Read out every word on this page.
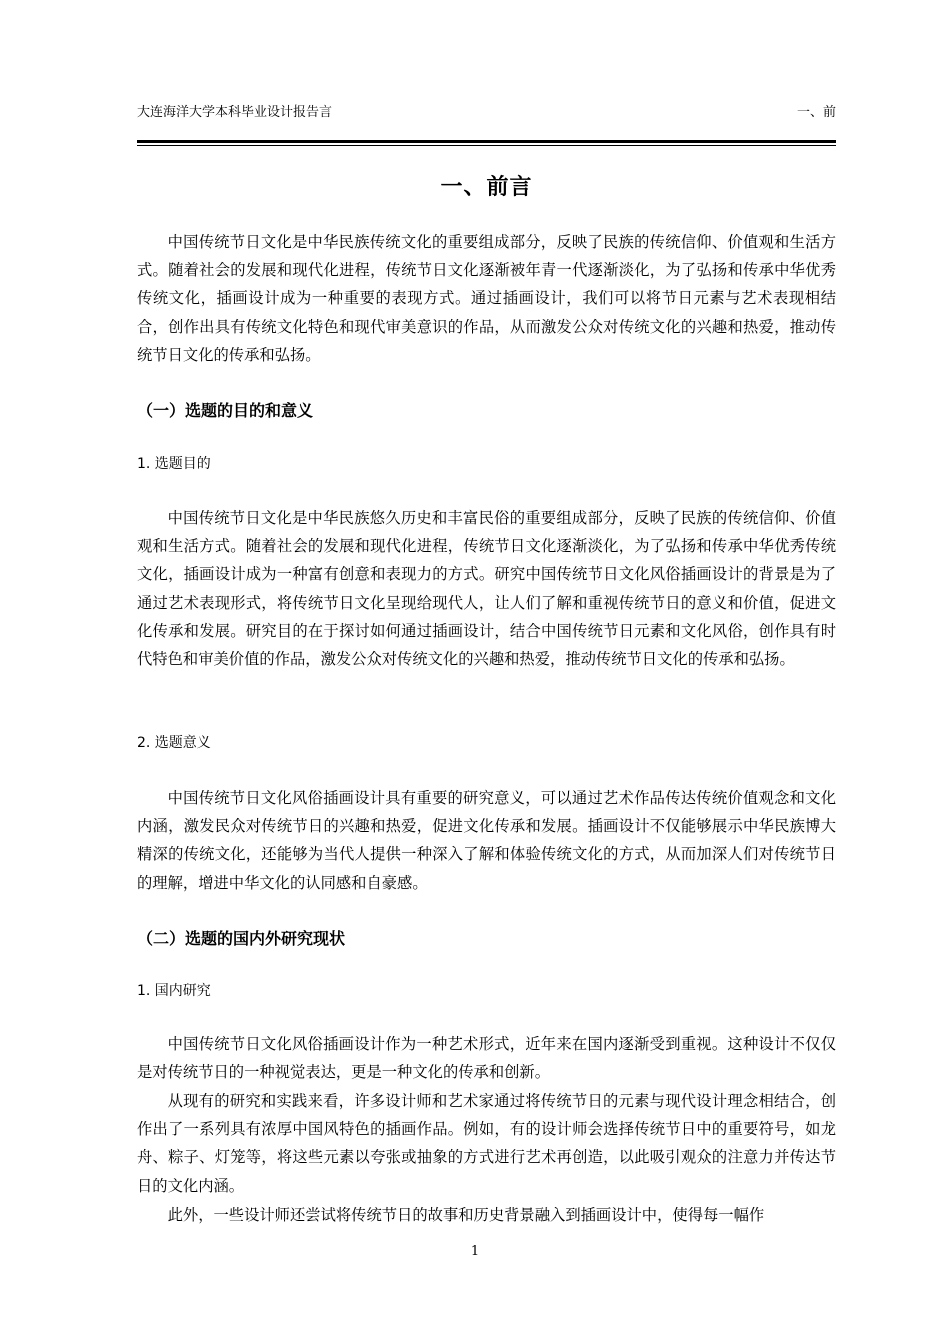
大连海洋大学本科毕业设计报告言	一、前
一、前言
中国传统节日文化是中华民族传统文化的重要组成部分，反映了民族的传统信仰、价值观和生活方式。随着社会的发展和现代化进程，传统节日文化逐渐被年青一代逐渐淡化，为了弘扬和传承中华优秀传统文化，插画设计成为一种重要的表现方式。通过插画设计，我们可以将节日元素与艺术表现相结合，创作出具有传统文化特色和现代审美意识的作品，从而激发公众对传统文化的兴趣和热爱，推动传统节日文化的传承和弘扬。
（一）选题的目的和意义
1. 选题目的
中国传统节日文化是中华民族悠久历史和丰富民俗的重要组成部分，反映了民族的传统信仰、价值观和生活方式。随着社会的发展和现代化进程，传统节日文化逐渐淡化，为了弘扬和传承中华优秀传统文化，插画设计成为一种富有创意和表现力的方式。研究中国传统节日文化风俗插画设计的背景是为了通过艺术表现形式，将传统节日文化呈现给现代人，让人们了解和重视传统节日的意义和价值，促进文化传承和发展。研究目的在于探讨如何通过插画设计，结合中国传统节日元素和文化风俗，创作具有时代特色和审美价值的作品，激发公众对传统文化的兴趣和热爱，推动传统节日文化的传承和弘扬。
2. 选题意义
中国传统节日文化风俗插画设计具有重要的研究意义，可以通过艺术作品传达传统价值观念和文化内涵，激发民众对传统节日的兴趣和热爱，促进文化传承和发展。插画设计不仅能够展示中华民族博大精深的传统文化，还能够为当代人提供一种深入了解和体验传统文化的方式，从而加深人们对传统节日的理解，增进中华文化的认同感和自豪感。
（二）选题的国内外研究现状
1. 国内研究
中国传统节日文化风俗插画设计作为一种艺术形式，近年来在国内逐渐受到重视。这种设计不仅仅是对传统节日的一种视觉表达，更是一种文化的传承和创新。
从现有的研究和实践来看，许多设计师和艺术家通过将传统节日的元素与现代设计理念相结合，创作出了一系列具有浓厚中国风特色的插画作品。例如，有的设计师会选择传统节日中的重要符号，如龙舟、粽子、灯笼等，将这些元素以夸张或抽象的方式进行艺术再创造，以此吸引观众的注意力并传达节日的文化内涵。
此外，一些设计师还尝试将传统节日的故事和历史背景融入到插画设计中，使得每一幅作
1
